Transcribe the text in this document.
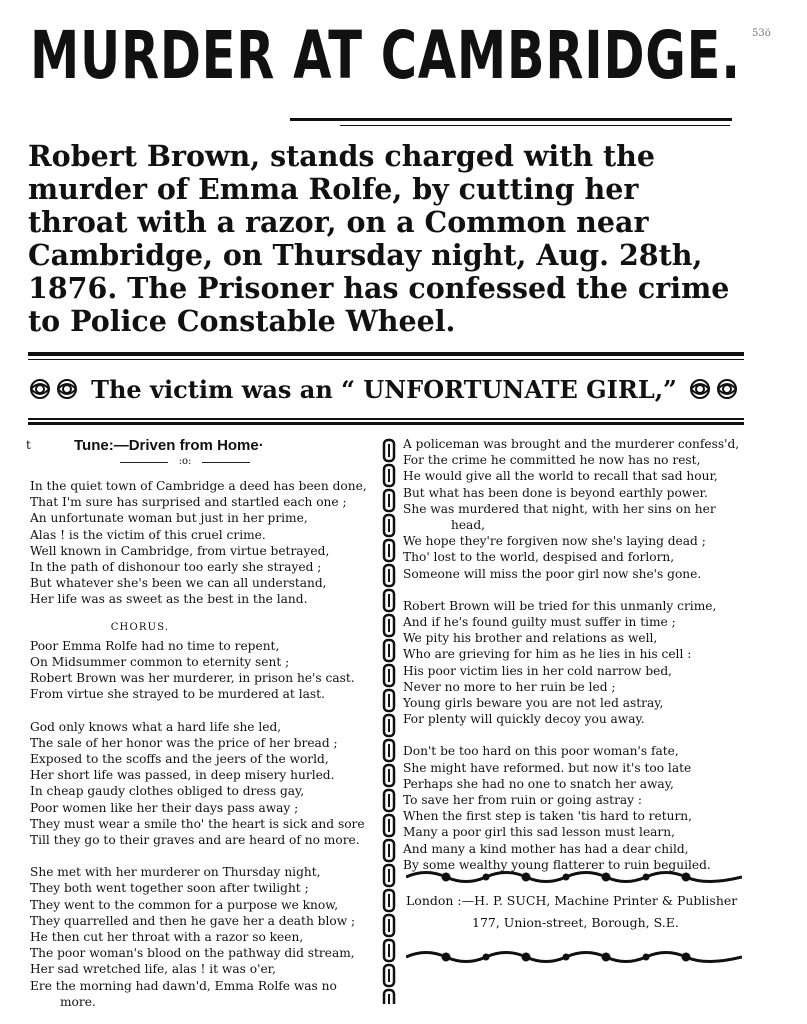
MURDER AT CAMBRIDGE. 53ö
Robert Brown, stands charged with the murder of Emma Rolfe, by cutting her throat with a razor, on a Common near Cambridge, on Thursday night, Aug. 28th, 1876. The Prisoner has confessed the crime to Police Constable Wheel.
The victim was an “ UNFORTUNATE GIRL,”
t	Tune:—Driven from Home·
:o:

In the quiet town of Cambridge a deed has been done,

That I'm sure has surprised and startled each one ;

An unfortunate woman but just in her prime,

Alas ! is the victim of this cruel crime.

Well known in Cambridge, from virtue betrayed,

In the path of dishonour too early she strayed ;

But whatever she's been we can all understand,

Her life was as sweet as the best in the land.

CHORUS.

Poor Emma Rolfe had no time to repent,

On Midsummer common to eternity sent ;

Robert Brown was her murderer, in prison he's cast.

From virtue she strayed to be murdered at last.

God only knows what a hard life she led,

The sale of her honor was the price of her bread ;

Exposed to the scoffs and the jeers of the world,

Her short life was passed, in deep misery hurled.

In cheap gaudy clothes obliged to dress gay,

Poor women like her their days pass away ;

They must wear a smile tho' the heart is sick and sore

Till they go to their graves and are heard of no more.

She met with her murderer on Thursday night,

They both went together soon after twilight ;

They went to the common for a purpose we know,

They quarrelled and then he gave her a death blow ;

He then cut her throat with a razor so keen,

The poor woman's blood on the pathway did stream,

Her sad wretched life, alas ! it was o'er,

Ere the morning had dawn'd, Emma Rolfe was no

more.

A policeman was brought and the murderer confess'd,

For the crime he committed he now has no rest,

He would give all the world to recall that sad hour,

But what has been done is beyond earthly power.

She was murdered that night, with her sins on her

head,

We hope they're forgiven now she's laying dead ;

Tho' lost to the world, despised and forlorn,

Someone will miss the poor girl now she's gone.

Robert Brown will be tried for this unmanly crime,

And if he's found guilty must suffer in time ;

We pity his brother and relations as well,

Who are grieving for him as he lies in his cell :

His poor victim lies in her cold narrow bed,

Never no more to her ruin be led ;

Young girls beware you are not led astray,

For plenty will quickly decoy you away.

Don't be too hard on this poor woman's fate,

She might have reformed. but now it's too late

Perhaps she had no one to snatch her away,

To save her from ruin or going astray :

When the first step is taken 'tis hard to return,

Many a poor girl this sad lesson must learn,

And many a kind mother has had a dear child,

By some wealthy young flatterer to ruin beguiled.

London :—H. P. SUCH, Machine Printer & Publisher
177, Union-street, Borough, S.E.
